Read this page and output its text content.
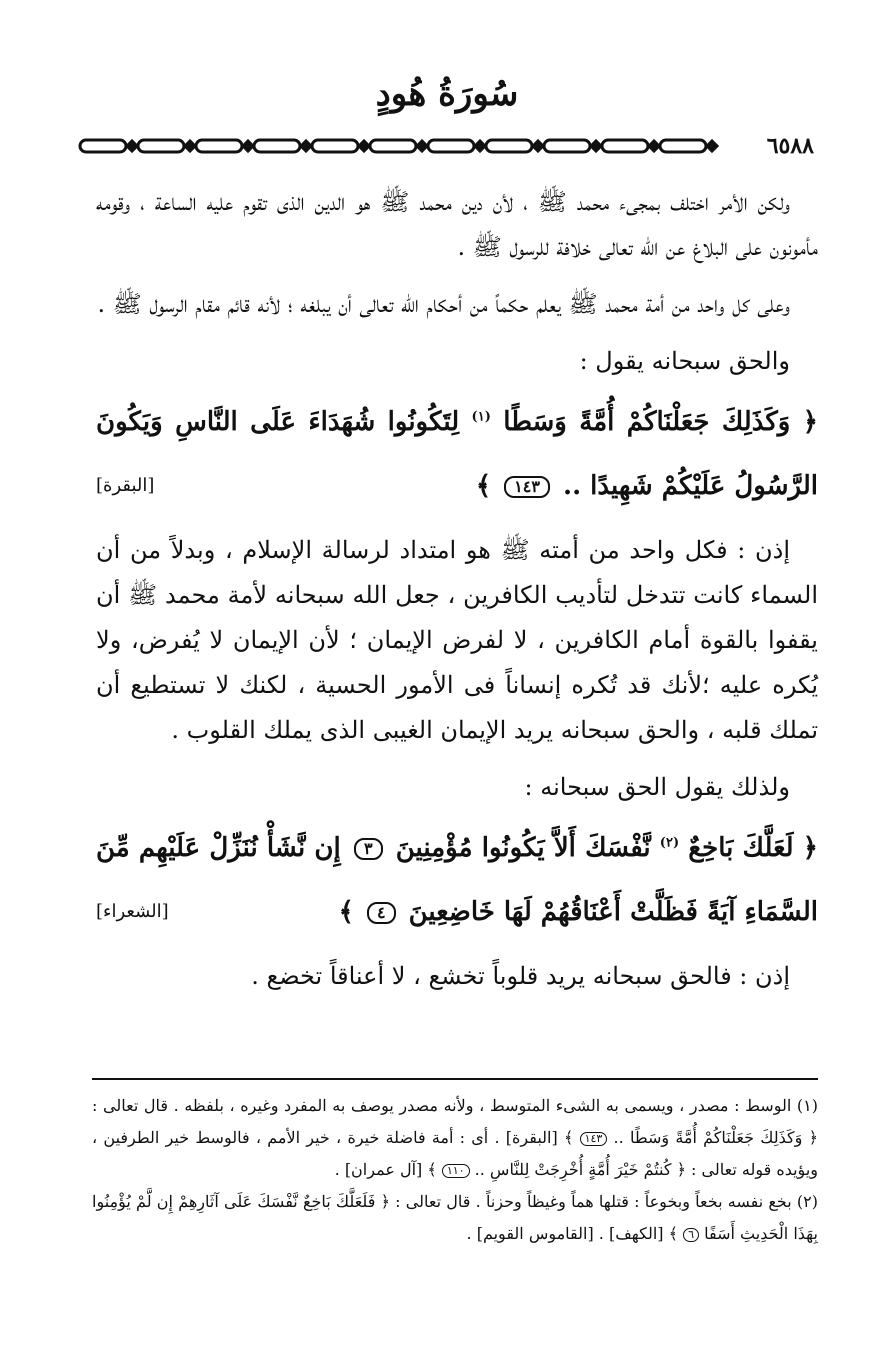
سُورَةُ هُودٍ
٦٥٨٨

ولكن الأمر اختلف بمجىء محمد ﷺ ، لأن دين محمد ﷺ هو الدين الذى تقوم عليه الساعة ، وقومه مأمونون على البلاغ عن الله تعالى خلافة للرسول ﷺ .

وعلى كل واحد من أمة محمد ﷺ يعلم حكماً من أحكام الله تعالى أن يبلغه ؛ لأنه قائم مقام الرسول ﷺ .

والحق سبحانه يقول :

﴿ وَكَذَلِكَ جَعَلْنَاكُمْ أُمَّةً وَسَطًا $^{(١)}$ لِتَكُونُوا شُهَدَاءَ عَلَى النَّاسِ وَيَكُونَ الرَّسُولُ عَلَيْكُمْ شَهِيدًا .. ١٤٣ ﴾
[البقرة]

إذن : فكل واحد من أمته ﷺ هو امتداد لرسالة الإسلام ، وبدلاً من أن السماء كانت تتدخل لتأديب الكافرين ، جعل الله سبحانه لأمة محمد ﷺ أن يقفوا بالقوة أمام الكافرين ، لا لفرض الإيمان ؛ لأن الإيمان لا يُفرض، ولا يُكره عليه ؛لأنك قد تُكره إنساناً فى الأمور الحسية ، لكنك لا تستطيع أن تملك قلبه ، والحق سبحانه يريد الإيمان الغيبى الذى يملك القلوب .

ولذلك يقول الحق سبحانه :

﴿ لَعَلَّكَ بَاخِعٌ $^{(٢)}$ نَّفْسَكَ أَلاَّ يَكُونُوا مُؤْمِنِينَ ٣ إِن نَّشَأْ نُنَزِّلْ عَلَيْهِم مِّنَ السَّمَاءِ آيَةً فَظَلَّتْ أَعْنَاقُهُمْ لَهَا خَاضِعِينَ ٤ ﴾
[الشعراء]

إذن : فالحق سبحانه يريد قلوباً تخشع ، لا أعناقاً تخضع .

(١) الوسط : مصدر ، ويسمى به الشىء المتوسط ، ولأنه مصدر يوصف به المفرد وغيره ، بلفظه . قال تعالى : ﴿ وَكَذَلِكَ جَعَلْنَاكُمْ أُمَّةً وَسَطًا .. ١٤٣ ﴾ [البقرة] . أى : أمة فاضلة خيرة ، خير الأمم ، فالوسط خير الطرفين ، ويؤيده قوله تعالى : ﴿ كُنتُمْ خَيْرَ أُمَّةٍ أُخْرِجَتْ لِلنَّاسِ .. ١١٠ ﴾ [آل عمران] .

(٢) بخع نفسه بخعاً وبخوعاً : قتلها هماً وغيظاً وحزناً . قال تعالى : ﴿ فَلَعَلَّكَ بَاخِعٌ نَّفْسَكَ عَلَى آثَارِهِمْ إِن لَّمْ يُؤْمِنُوا بِهَذَا الْحَدِيثِ أَسَفًا ٦ ﴾ [الكهف] . [القاموس القويم] .
